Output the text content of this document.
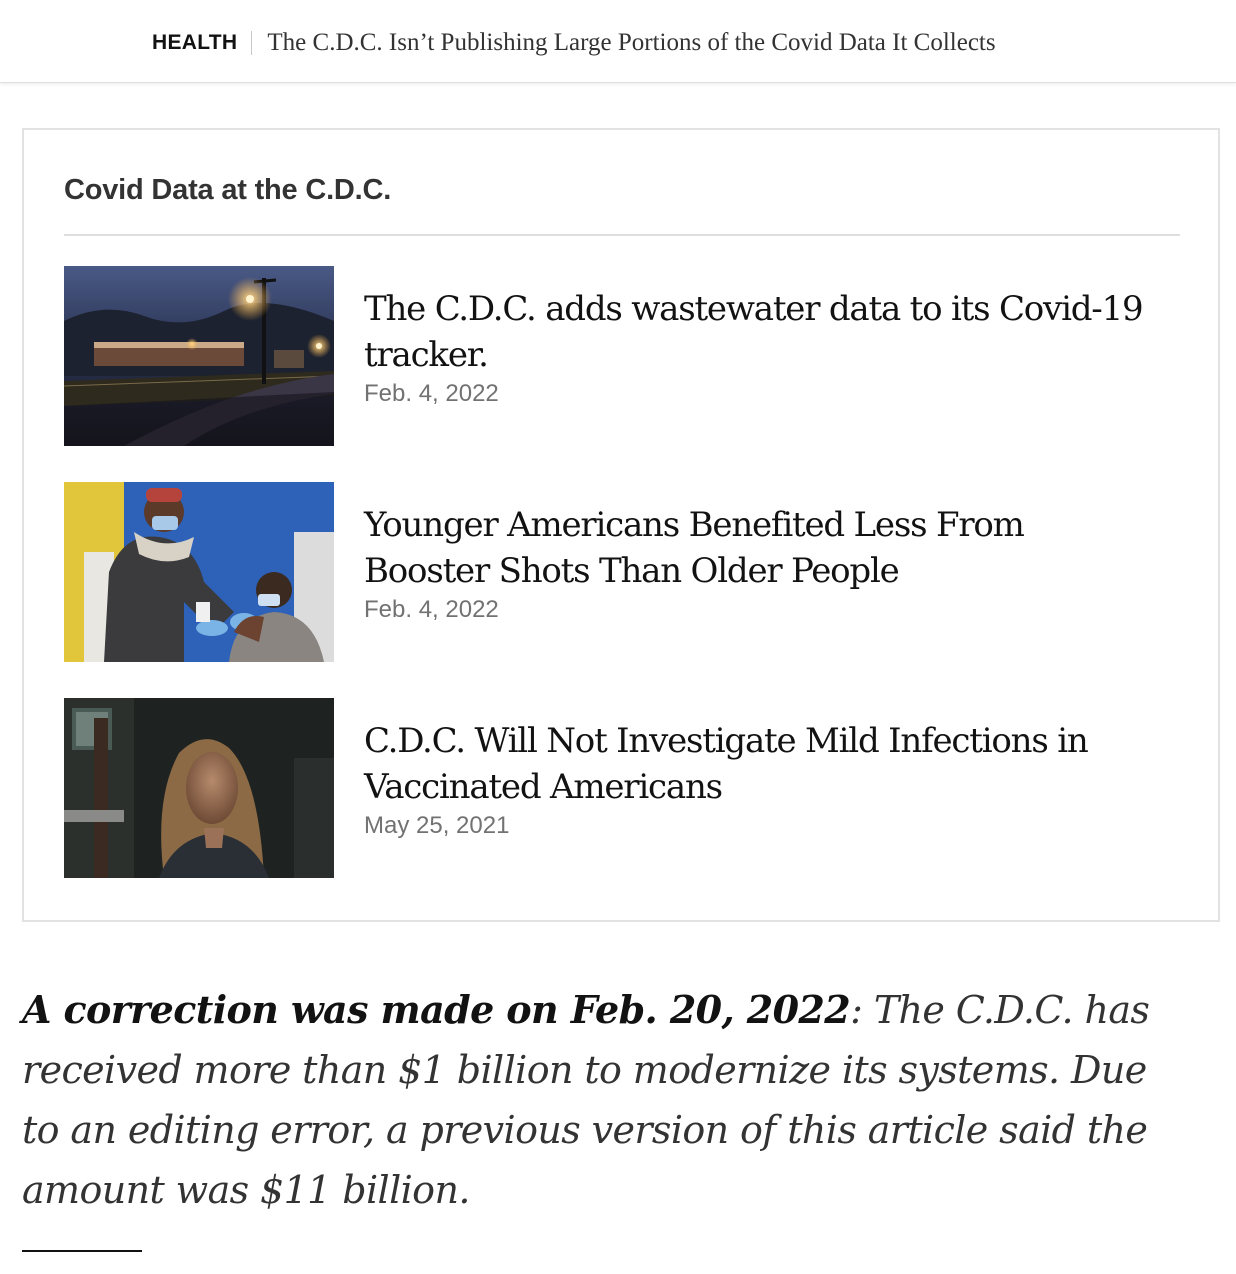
HEALTH The C.D.C. Isn’t Publishing Large Portions of the Covid Data It Collects
Covid Data at the C.D.C.

The C.D.C. adds wastewater data to its Covid-19 tracker.

Feb. 4, 2022

Younger Americans Benefited Less From Booster Shots Than Older People

Feb. 4, 2022

C.D.C. Will Not Investigate Mild Infections in Vaccinated Americans

May 25, 2021

A correction was made on Feb. 20, 2022: The C.D.C. has received more than $1 billion to modernize its systems. Due to an editing error, a previous version of this article said the amount was $11 billion.
